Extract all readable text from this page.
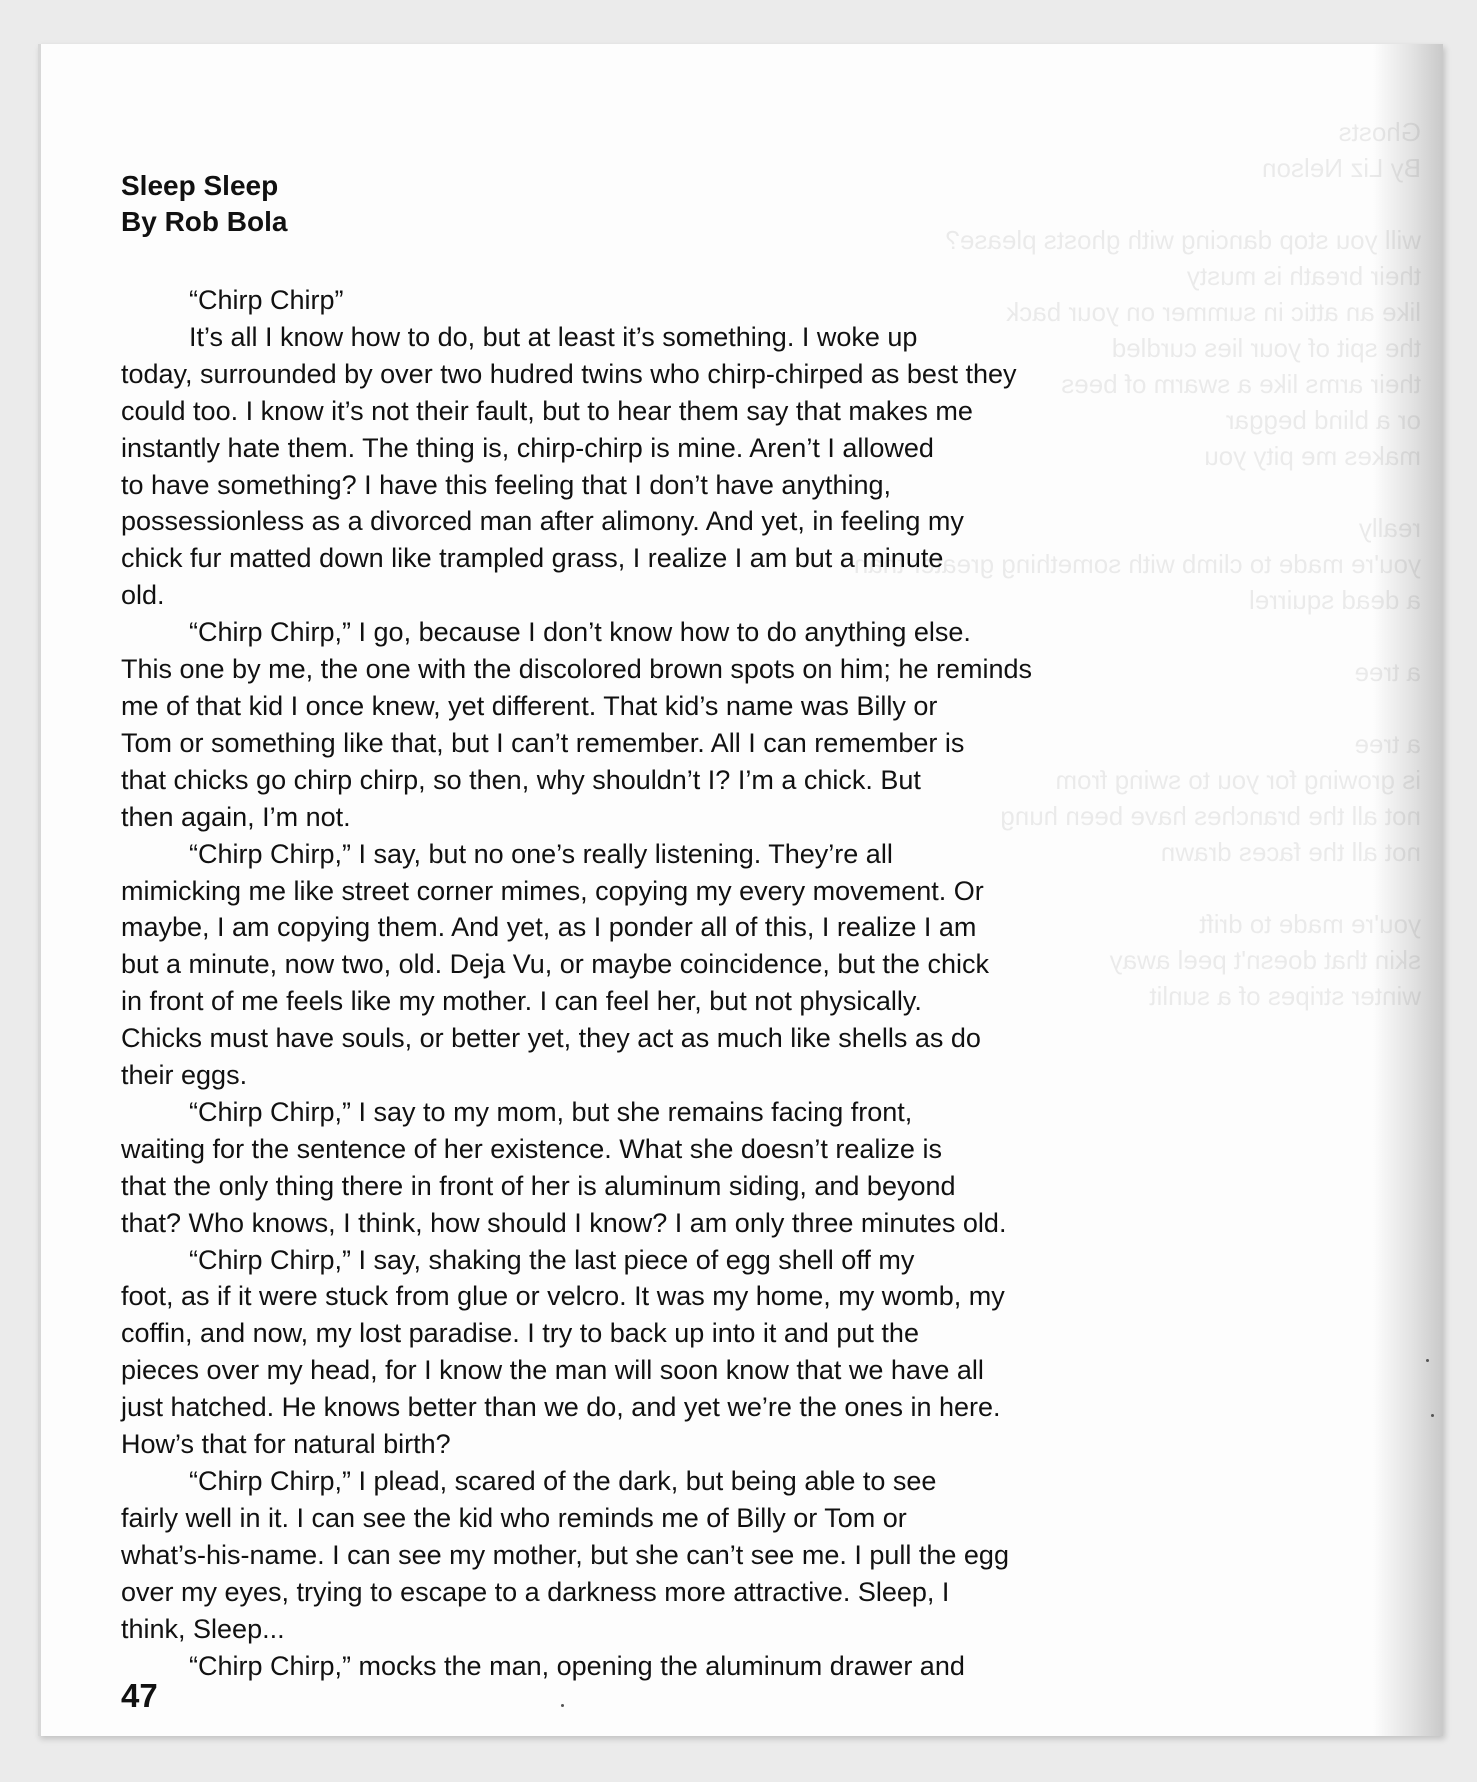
Liz Nelson

you stop dancing with ghosts please?
breath is musty
an attic in summer on your back
spit of your lies curdled
arms like a swarm of bees
blind beggar
me pity you

made to climb with something greater than
dead squirrel

growing for you to swing from
all the branches have been hung
all the faces drawn

made to drift
that doesn't peel away
stripes of a sunlit
Sleep Sleep
By Rob Bola

“Chirp Chirp”

It’s all I know how to do, but at least it’s something. I woke up

today, surrounded by over two hudred twins who chirp-chirped as best they

could too. I know it’s not their fault, but to hear them say that makes me

instantly hate them. The thing is, chirp-chirp is mine. Aren’t I allowed

to have something? I have this feeling that I don’t have anything,

possessionless as a divorced man after alimony. And yet, in feeling my

chick fur matted down like trampled grass, I realize I am but a minute

old.

“Chirp Chirp,” I go, because I don’t know how to do anything else.

This one by me, the one with the discolored brown spots on him; he reminds

me of that kid I once knew, yet different. That kid’s name was Billy or

Tom or something like that, but I can’t remember. All I can remember is

that chicks go chirp chirp, so then, why shouldn’t I? I’m a chick. But

then again, I’m not.

“Chirp Chirp,” I say, but no one’s really listening. They’re all

mimicking me like street corner mimes, copying my every movement. Or

maybe, I am copying them. And yet, as I ponder all of this, I realize I am

but a minute, now two, old. Deja Vu, or maybe coincidence, but the chick

in front of me feels like my mother. I can feel her, but not physically.

Chicks must have souls, or better yet, they act as much like shells as do

their eggs.

“Chirp Chirp,” I say to my mom, but she remains facing front,

waiting for the sentence of her existence. What she doesn’t realize is

that the only thing there in front of her is aluminum siding, and beyond

that? Who knows, I think, how should I know? I am only three minutes old.

“Chirp Chirp,” I say, shaking the last piece of egg shell off my

foot, as if it were stuck from glue or velcro. It was my home, my womb, my

coffin, and now, my lost paradise. I try to back up into it and put the

pieces over my head, for I know the man will soon know that we have all

just hatched. He knows better than we do, and yet we’re the ones in here.

How’s that for natural birth?

“Chirp Chirp,” I plead, scared of the dark, but being able to see

fairly well in it. I can see the kid who reminds me of Billy or Tom or

what’s-his-name. I can see my mother, but she can’t see me. I pull the egg

over my eyes, trying to escape to a darkness more attractive. Sleep, I

think, Sleep...

“Chirp Chirp,” mocks the man, opening the aluminum drawer and

47
